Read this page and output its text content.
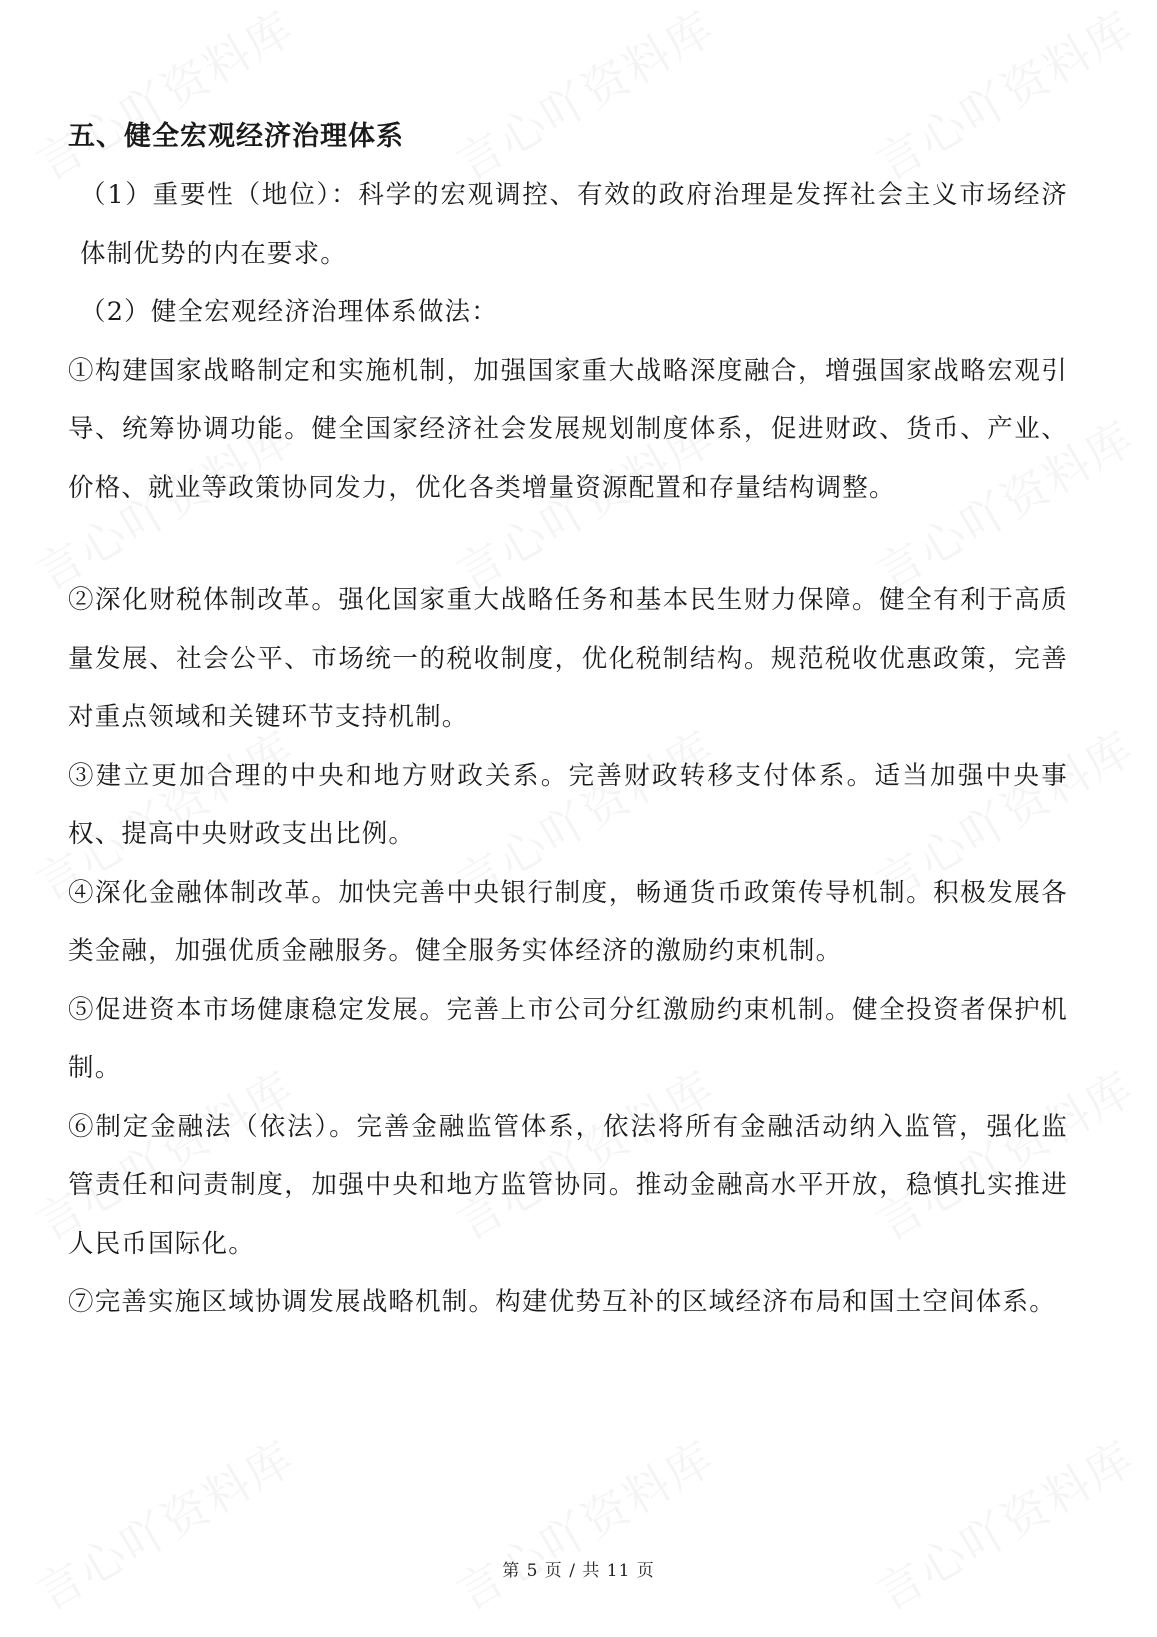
五、健全宏观经济治理体系

（1）重要性（地位）：科学的宏观调控、有效的政府治理是发挥社会主义市场经济体制优势的内在要求。

（2）健全宏观经济治理体系做法：

①构建国家战略制定和实施机制，加强国家重大战略深度融合，增强国家战略宏观引导、统筹协调功能。健全国家经济社会发展规划制度体系，促进财政、货币、产业、价格、就业等政策协同发力，优化各类增量资源配置和存量结构调整。

②深化财税体制改革。强化国家重大战略任务和基本民生财力保障。健全有利于高质量发展、社会公平、市场统一的税收制度，优化税制结构。规范税收优惠政策，完善对重点领域和关键环节支持机制。

③建立更加合理的中央和地方财政关系。完善财政转移支付体系。适当加强中央事权、提高中央财政支出比例。

④深化金融体制改革。加快完善中央银行制度，畅通货币政策传导机制。积极发展各类金融，加强优质金融服务。健全服务实体经济的激励约束机制。

⑤促进资本市场健康稳定发展。完善上市公司分红激励约束机制。健全投资者保护机制。

⑥制定金融法（依法）。完善金融监管体系，依法将所有金融活动纳入监管，强化监管责任和问责制度，加强中央和地方监管协同。推动金融高水平开放，稳慎扎实推进人民币国际化。

⑦完善实施区域协调发展战略机制。构建优势互补的区域经济布局和国土空间体系。

第 5 页 / 共 11 页
